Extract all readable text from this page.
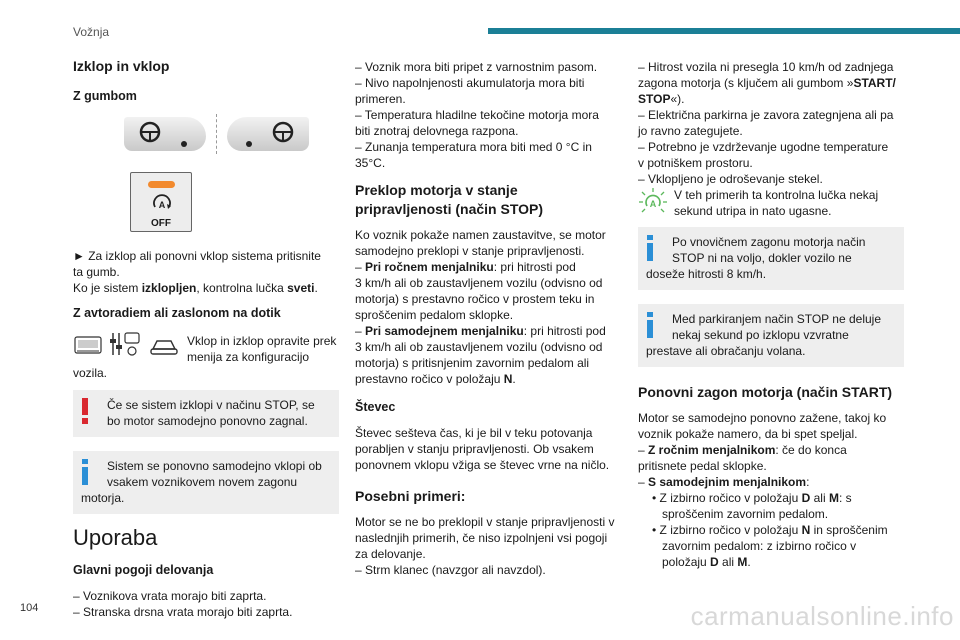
Vožnja
Izklop in vklop
Z gumbom
A
OFF

► Za izklop ali ponovni vklop sistema pritisnite
ta gumb.
Ko je sistem izklopljen, kontrolna lučka sveti.

Z avtoradiem ali zaslonom na dotik
Vklop in izklop opravite prek
menija za konfiguracijo

vozila.

Če se sistem izklopi v načinu STOP, se
bo motor samodejno ponovno zagnal.
Sistem se ponovno samodejno vklopi ob
vsakem voznikovem novem zagonu
motorja.
Uporaba
Glavni pogoji delovanja
– Voznikova vrata morajo biti zaprta.
– Stranska drsna vrata morajo biti zaprta.

– Voznik mora biti pripet z varnostnim pasom.
– Nivo napolnjenosti akumulatorja mora biti
primeren.
– Temperatura hladilne tekočine motorja mora
biti znotraj delovnega razpona.
– Zunanja temperatura mora biti med 0 °C in
35°C.

Preklop motorja v stanje
pripravljenosti (način STOP)

Ko voznik pokaže namen zaustavitve, se motor
samodejno preklopi v stanje pripravljenosti.
– Pri ročnem menjalniku: pri hitrosti pod
3 km/h ali ob zaustavljenem vozilu (odvisno od
motorja) s prestavno ročico v prostem teku in
sproščenim pedalom sklopke.
– Pri samodejnem menjalniku: pri hitrosti pod
3 km/h ali ob zaustavljenem vozilu (odvisno od
motorja) s pritisnjenim zavornim pedalom ali
prestavno ročico v položaju N.

Števec

Števec sešteva čas, ki je bil v teku potovanja
porabljen v stanju pripravljenosti. Ob vsakem
ponovnem vklopu vžiga se števec vrne na ničlo.

Posebni primeri:

Motor se ne bo preklopil v stanje pripravljenosti v
naslednjih primerih, če niso izpolnjeni vsi pogoji
za delovanje.
– Strm klanec (navzgor ali navzdol).

– Hitrost vozila ni presegla 10 km/h od zadnjega
zagona motorja (s ključem ali gumbom »START/
STOP«).
– Električna parkirna je zavora zategnjena ali pa
jo ravno zategujete.
– Potrebno je vzdrževanje ugodne temperature
v potniškem prostoru.
– Vklopljeno je odroševanje stekel.

A
V teh primerih ta kontrolna lučka nekaj
sekund utripa in nato ugasne.
Po vnovičnem zagonu motorja način
STOP ni na voljo, dokler vozilo ne
doseže hitrosti 8 km/h.
Med parkiranjem način STOP ne deluje
nekaj sekund po izklopu vzvratne
prestave ali obračanju volana.
Ponovni zagon motorja (način START)

Motor se samodejno ponovno zažene, takoj ko
voznik pokaže namero, da bi spet speljal.
– Z ročnim menjalnikom: če do konca
pritisnete pedal sklopke.
– S samodejnim menjalnikom:

• Z izbirno ročico v položaju D ali M: s
sproščenim zavornim pedalom.
• Z izbirno ročico v položaju N in sproščenim
zavornim pedalom: z izbirno ročico v
položaju D ali M.
104	carmanualsonline.info
